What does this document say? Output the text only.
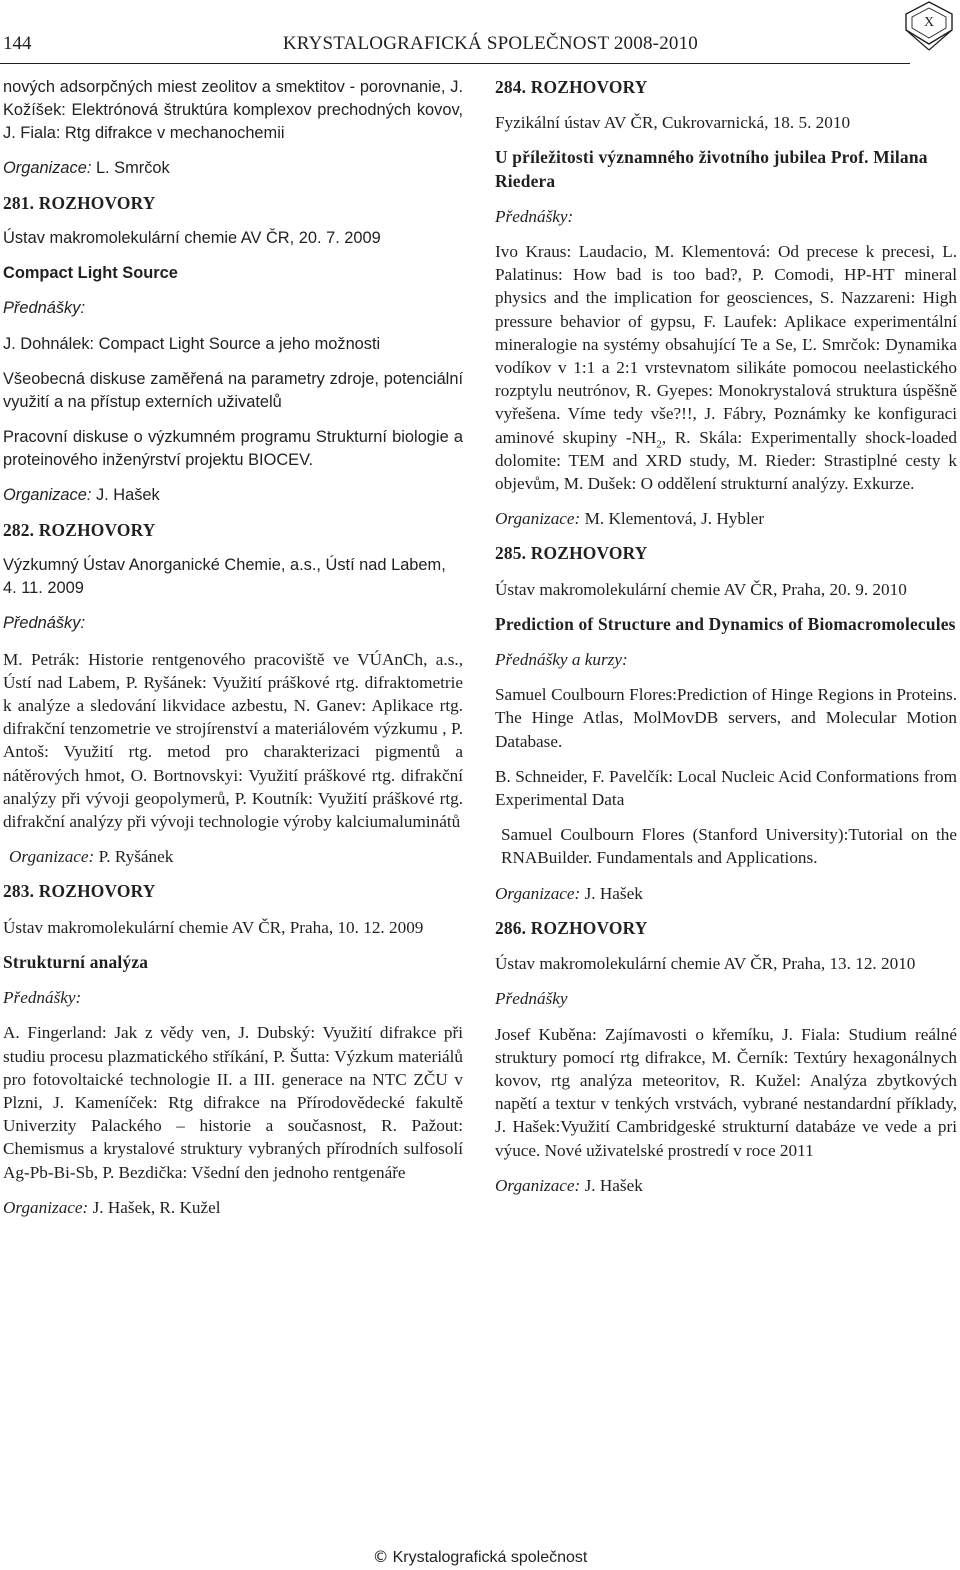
144	KRYSTALOGRAFICKÁ SPOLEČNOST 2008-2010
X

nových adsorpčných miest zeolitov a smektitov - porovnanie, J. Kožíšek: Elektrónová štruktúra komplexov prechodných kovov, J. Fiala: Rtg difrakce v mechanochemii

Organizace: L. Smrčok

281. ROZHOVORY

Ústav makromolekulární chemie AV ČR, 20. 7. 2009

Compact Light Source

Přednášky:

J. Dohnálek: Compact Light Source a jeho možnosti

Všeobecná diskuse zaměřená na parametry zdroje, potenciální využití a na přístup externích uživatelů

Pracovní diskuse o výzkumném programu Strukturní biologie a proteinového inženýrství projektu BIOCEV.

Organizace: J. Hašek

282. ROZHOVORY

Výzkumný Ústav Anorganické Chemie, a.s., Ústí nad Labem, 4. 11. 2009

Přednášky:

M. Petrák: Historie rentgenového pracoviště ve VÚAnCh, a.s., Ústí nad Labem, P. Ryšánek: Využití práškové rtg. difraktometrie k analýze a sledování likvidace azbestu, N. Ganev: Aplikace rtg. difrakční tenzometrie ve strojírenství a materiálovém výzkumu , P. Antoš: Využití rtg. metod pro charakterizaci pigmentů a nátěrových hmot, O. Bortnovskyi: Využití práškové rtg. difrakční analýzy při vývoji geopolymerů, P. Koutník: Využití práškové rtg. difrakční analýzy při vývoji technologie výroby kalciumaluminátů

Organizace: P. Ryšánek

283. ROZHOVORY

Ústav makromolekulární chemie AV ČR, Praha, 10. 12. 2009

Strukturní analýza

Přednášky:

A. Fingerland: Jak z vědy ven, J. Dubský: Využití difrakce při studiu procesu plazmatického stříkání, P. Šutta: Výzkum materiálů pro fotovoltaické technologie II. a III. generace na NTC ZČU v Plzni, J. Kameníček: Rtg difrakce na Přírodovědecké fakultě Univerzity Palackého – historie a současnost, R. Pažout: Chemismus a krystalové struktury vybraných přírodních sulfosolí Ag-Pb-Bi-Sb, P. Bezdička: Všední den jednoho rentgenáře

Organizace: J. Hašek, R. Kužel

284. ROZHOVORY

Fyzikální ústav AV ČR, Cukrovarnická, 18. 5. 2010

U příležitosti významného životního jubilea Prof. Milana Riedera

Přednášky:

Ivo Kraus: Laudacio, M. Klementová: Od precese k precesi, L. Palatinus: How bad is too bad?, P. Comodi, HP-HT mineral physics and the implication for geosciences, S. Nazzareni: High pressure behavior of gypsu, F. Laufek: Aplikace experimentální mineralogie na systémy obsahující Te a Se, Ľ. Smrčok: Dynamika vodíkov v 1:1 a 2:1 vrstevnatom silikáte pomocou neelastického rozptylu neutrónov, R. Gyepes: Monokrystalová struktura úspěšně vyřešena. Víme tedy vše?!!, J. Fábry, Poznámky ke konfiguraci aminové skupiny $-NH_2$, R. Skála: Experimentally shock-loaded dolomite: TEM and XRD study, M. Rieder: Strastiplné cesty k objevům, M. Dušek: O oddělení strukturní analýzy. Exkurze.

Organizace: M. Klementová, J. Hybler

285. ROZHOVORY

Ústav makromolekulární chemie AV ČR, Praha, 20. 9. 2010

Prediction of Structure and Dynamics of Biomacromolecules

Přednášky a kurzy:

Samuel Coulbourn Flores:Prediction of Hinge Regions in Proteins. The Hinge Atlas, MolMovDB servers, and Molecular Motion Database.

B. Schneider, F. Pavelčík: Local Nucleic Acid Conformations from Experimental Data

Samuel Coulbourn Flores (Stanford University):Tutorial on the RNABuilder. Fundamentals and Applications.

Organizace: J. Hašek

286. ROZHOVORY

Ústav makromolekulární chemie AV ČR, Praha, 13. 12. 2010

Přednášky

Josef Kuběna: Zajímavosti o křemíku, J. Fiala: Studium reálné struktury pomocí rtg difrakce, M. Černík: Textúry hexagonálnych kovov, rtg analýza meteoritov, R. Kužel: Analýza zbytkových napětí a textur v tenkých vrstvách, vybrané nestandardní příklady, J. Hašek:Využití Cambridgeské strukturní databáze ve vede a pri výuce. Nové uživatelské prostredí v roce 2011

Organizace: J. Hašek

© Krystalografická společnost
